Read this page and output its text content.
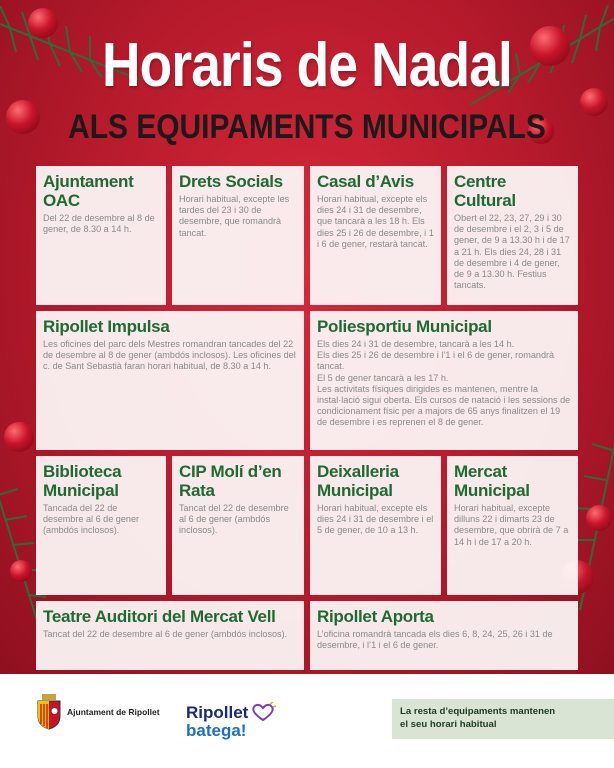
Horaris de Nadal
ALS EQUIPAMENTS MUNICIPALS
Ajuntament OAC

Del 22 de desembre al 8 de gener, de 8.30 a 14 h.

Drets Socials

Horari habitual, excepte les tardes del 23 i 30 de desembre, que romandrà tancat.

Casal d’Avis

Horari habitual, excepte els dies 24 i 31 de desembre, que tancarà a les 18 h. Els dies 25 i 26 de desembre, i 1 i 6 de gener, restarà tancat.

Centre Cultural

Obert el 22, 23, 27, 29 i 30 de desembre i el 2, 3 i 5 de gener, de 9 a 13.30 h i de 17 a 21 h. Els dies 24, 28 i 31 de desembre i 4 de gener, de 9 a 13.30 h. Festius tancats.

Ripollet Impulsa

Les oficines del parc dels Mestres romandran tancades del 22 de desembre al 8 de gener (ambdós inclosos). Les oficines del c. de Sant Sebastià faran horari habitual, de 8.30 a 14 h.

Poliesportiu Municipal

Els dies 24 i 31 de desembre, tancarà a les 14 h.
Els dies 25 i 26 de desembre i l’1 i el 6 de gener, romandrà tancat.
El 5 de gener tancarà a les 17 h.
Les activitats físiques dirigides es mantenen, mentre la instal·lació sigui oberta. Els cursos de natació i les sessions de condicionament físic per a majors de 65 anys finalitzen el 19 de desembre i es reprenen el 8 de gener.

Biblioteca Municipal

Tancada del 22 de desembre al 6 de gener (ambdós inclosos).

CIP Molí d’en Rata

Tancat del 22 de desembre al 6 de gener (ambdós inclosos).

Deixalleria Municipal

Horari habitual, excepte els dies 24 i 31 de desembre i el 5 de gener, de 10 a 13 h.

Mercat Municipal

Horari habitual, excepte dilluns 22 i dimarts 23 de desembre, que obrirà de 7 a 14 h i de 17 a 20 h.

Teatre Auditori del Mercat Vell

Tancat del 22 de desembre al 6 de gener (ambdós inclosos).

Ripollet Aporta

L’oficina romandrà tancada els dies 6, 8, 24, 25, 26 i 31 de desembre, i l’1 i el 6 de gener.

Ajuntament de Ripollet Ripollet
batega!
La resta d’equipaments mantenen
el seu horari habitual
